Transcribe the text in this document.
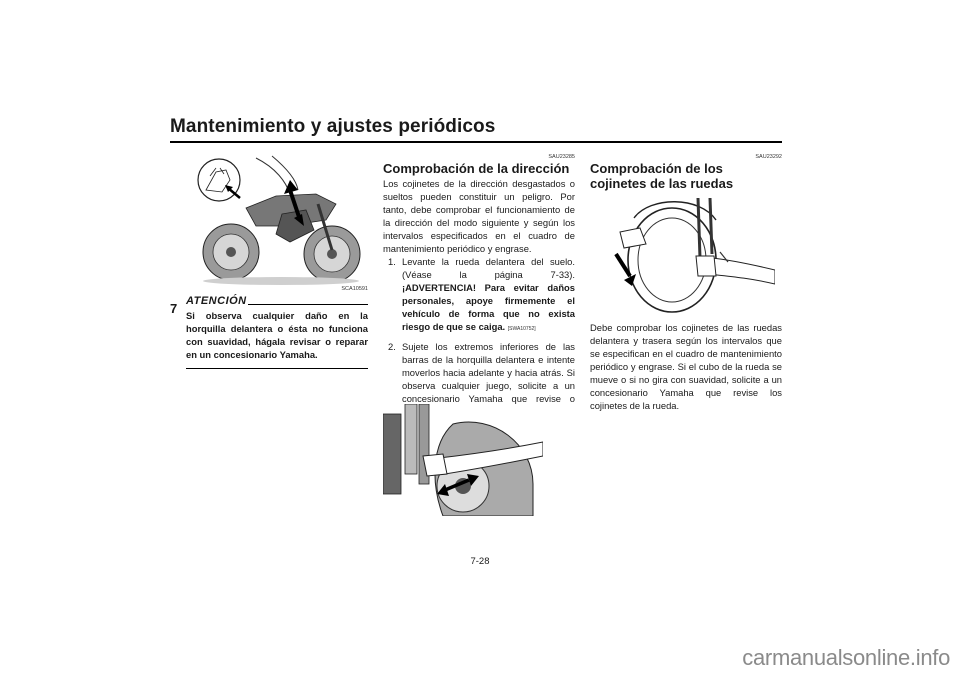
Mantenimiento y ajustes periódicos
7
SCA10591
ATENCIÓN
Si observa cualquier daño en la horquilla delantera o ésta no funciona con suavidad, hágala revisar o reparar en un concesionario Yamaha.
SAU23285
Comprobación de la dirección
Los cojinetes de la dirección desgastados o sueltos pueden constituir un peligro. Por tanto, debe comprobar el funcionamiento de la dirección del modo siguiente y según los intervalos especificados en el cuadro de mantenimiento periódico y engrase.
1. Levante la rueda delantera del suelo. (Véase la página 7-33). ¡ADVERTENCIA! Para evitar daños personales, apoye firmemente el vehículo de forma que no exista riesgo de que se caiga. [SWA10752]
2. Sujete los extremos inferiores de las barras de la horquilla delantera e intente moverlos hacia adelante y hacia atrás. Si observa cualquier juego, solicite a un concesionario Yamaha que revise o
SAU23292
Comprobación de los cojinetes de las ruedas
Debe comprobar los cojinetes de las ruedas delantera y trasera según los intervalos que se especifican en el cuadro de mantenimiento periódico y engrase. Si el cubo de la rueda se mueve o si no gira con suavidad, solicite a un concesionario Yamaha que revise los cojinetes de la rueda.
7-28
carmanualsonline.info
